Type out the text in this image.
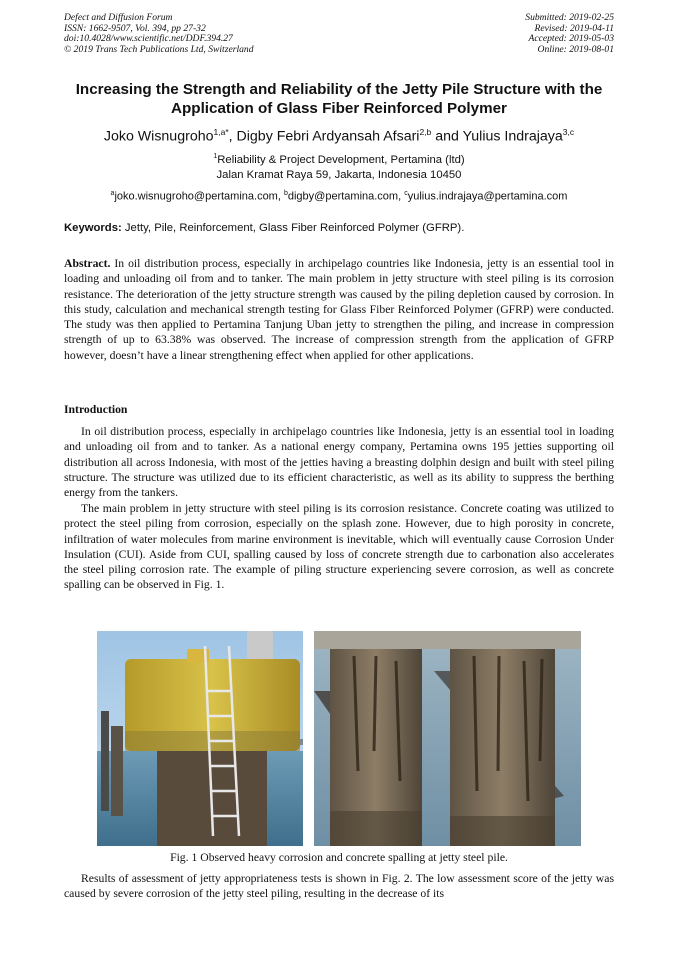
Defect and Diffusion Forum
ISSN: 1662-9507, Vol. 394, pp 27-32
doi:10.4028/www.scientific.net/DDF.394.27
© 2019 Trans Tech Publications Ltd, Switzerland
Submitted: 2019-02-25
Revised: 2019-04-11
Accepted: 2019-05-03
Online: 2019-08-01
Increasing the Strength and Reliability of the Jetty Pile Structure with the
Application of Glass Fiber Reinforced Polymer
Joko Wisnugroho$^{1,a*}$, Digby Febri Ardyansah Afsari$^{2,b}$ and Yulius Indrajaya$^{3,c}$
$^1$Reliability & Project Development, Pertamina (ltd)
Jalan Kramat Raya 59, Jakarta, Indonesia 10450
$^a$joko.wisnugroho@pertamina.com, $^b$digby@pertamina.com, $^c$yulius.indrajaya@pertamina.com
Keywords: Jetty, Pile, Reinforcement, Glass Fiber Reinforced Polymer (GFRP).
Abstract. In oil distribution process, especially in archipelago countries like Indonesia, jetty is an essential tool in loading and unloading oil from and to tanker. The main problem in jetty structure with steel piling is its corrosion resistance. The deterioration of the jetty structure strength was caused by the piling depletion caused by corrosion. In this study, calculation and mechanical strength testing for Glass Fiber Reinforced Polymer (GFRP) were conducted. The study was then applied to Pertamina Tanjung Uban jetty to strengthen the piling, and increase in compression strength of up to 63.38% was observed. The increase of compression strength from the application of GFRP however, doesn’t have a linear strengthening effect when applied for other applications.
Introduction
In oil distribution process, especially in archipelago countries like Indonesia, jetty is an essential tool in loading and unloading oil from and to tanker. As a national energy company, Pertamina owns 195 jetties supporting oil distribution all across Indonesia, with most of the jetties having a breasting dolphin design and built with steel piling structure. The structure was utilized due to its efficient characteristic, as well as its ability to suppress the berthing energy from the tankers.
The main problem in jetty structure with steel piling is its corrosion resistance. Concrete coating was utilized to protect the steel piling from corrosion, especially on the splash zone. However, due to high porosity in concrete, infiltration of water molecules from marine environment is inevitable, which will eventually cause Corrosion Under Insulation (CUI). Aside from CUI, spalling caused by loss of concrete strength due to carbonation also accelerates the steel piling corrosion rate. The example of piling structure experiencing severe corrosion, as well as concrete spalling can be observed in Fig. 1.
Fig. 1 Observed heavy corrosion and concrete spalling at jetty steel pile.
Results of assessment of jetty appropriateness tests is shown in Fig. 2. The low assessment score of the jetty was caused by severe corrosion of the jetty steel piling, resulting in the decrease of its
